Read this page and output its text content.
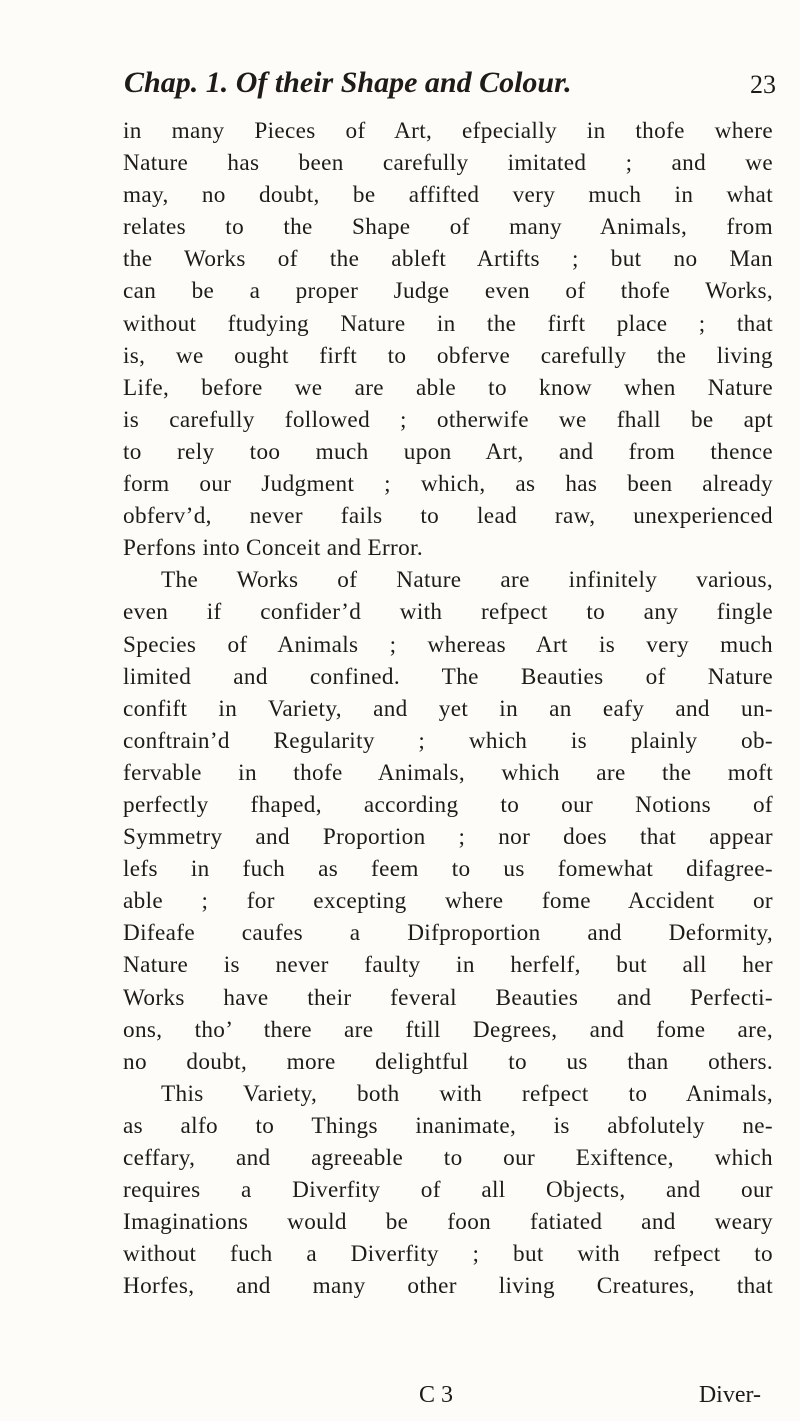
Chap. 1. Of their Shape and Colour.	23
in many Pieces of Art, efpecially in thofe where
Nature has been carefully imitated ; and we
may, no doubt, be affifted very much in what
relates to the Shape of many Animals, from
the Works of the ableft Artifts ; but no Man
can be a proper Judge even of thofe Works,
without ftudying Nature in the firft place ; that
is, we ought firft to obferve carefully the living
Life, before we are able to know when Nature
is carefully followed ; otherwife we fhall be apt
to rely too much upon Art, and from thence
form our Judgment ; which, as has been already
obferv’d, never fails to lead raw, unexperienced
Perfons into Conceit and Error.
The Works of Nature are infinitely various,
even if confider’d with refpect to any fingle
Species of Animals ; whereas Art is very much
limited and confined. The Beauties of Nature
confift in Variety, and yet in an eafy and un-
conftrain’d Regularity ; which is plainly ob-
fervable in thofe Animals, which are the moft
perfectly fhaped, according to our Notions of
Symmetry and Proportion ; nor does that appear
lefs in fuch as feem to us fomewhat difagree-
able ; for excepting where fome Accident or
Difeafe caufes a Difproportion and Deformity,
Nature is never faulty in herfelf, but all her
Works have their feveral Beauties and Perfecti-
ons, tho’ there are ftill Degrees, and fome are,
no doubt, more delightful to us than others.
This Variety, both with refpect to Animals,
as alfo to Things inanimate, is abfolutely ne-
ceffary, and agreeable to our Exiftence, which
requires a Diverfity of all Objects, and our
Imaginations would be foon fatiated and weary
without fuch a Diverfity ; but with refpect to
Horfes, and many other living Creatures, that
C 3	Diver-
